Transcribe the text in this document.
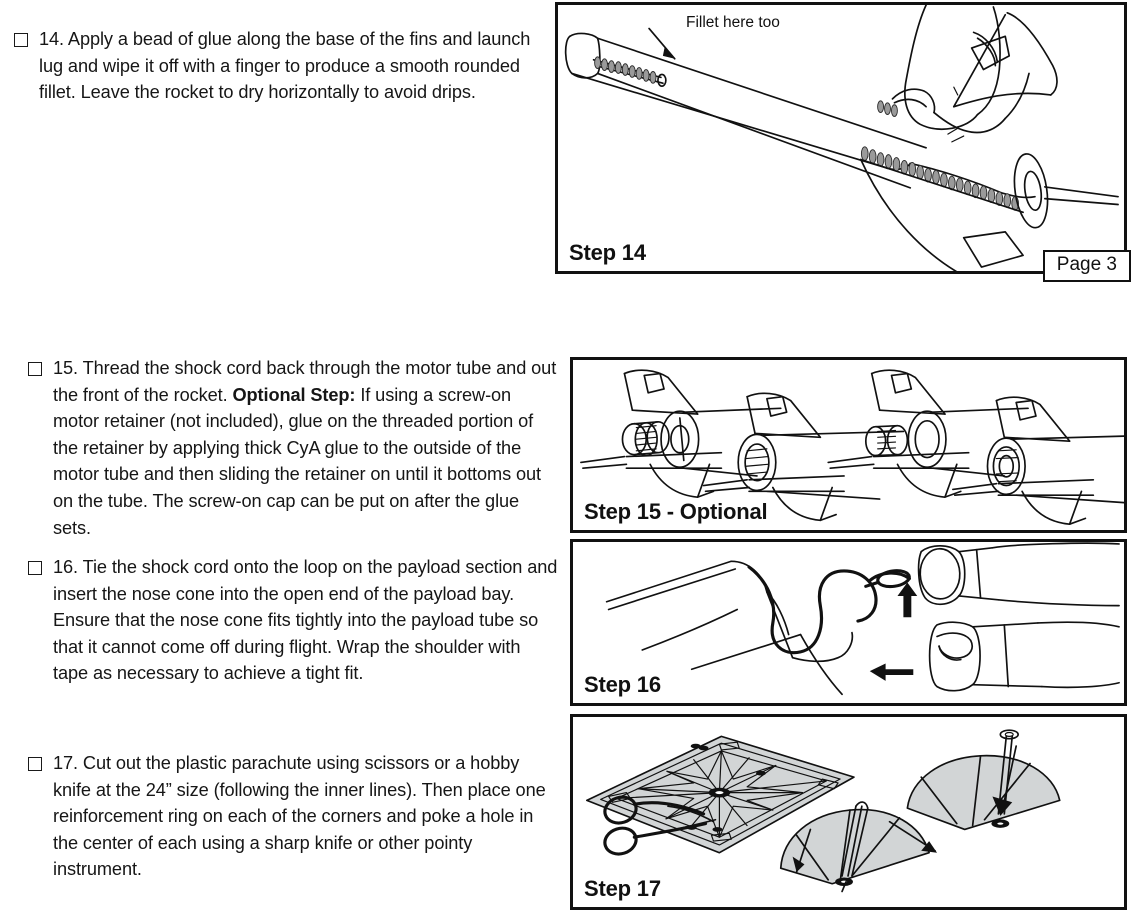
14. Apply a bead of glue along the base of the fins and launch lug and wipe it off with a finger to produce a smooth rounded fillet. Leave the rocket to dry horizontally to avoid drips.
Step 14
Fillet here too
Page 3
15. Thread the shock cord back through the motor tube and out the front of the rocket. Optional Step: If using a screw-on motor retainer (not included), glue on the threaded portion of the retainer by applying thick CyA glue to the outside of the motor tube and then sliding the retainer on until it bottoms out on the tube. The screw-on cap can be put on after the glue sets.
Step 15 - Optional
16. Tie the shock cord onto the loop on the payload section and insert the nose cone into the open end of the payload bay. Ensure that the nose cone fits tightly into the payload tube so that it cannot come off during flight. Wrap the shoulder with tape as necessary to achieve a tight fit.	Step 16
17. Cut out the plastic parachute using scissors or a hobby knife at the 24” size (following the inner lines). Then place one reinforcement ring on each of the corners and poke a hole in the center of each using a sharp knife or other pointy instrument.
Step 17
